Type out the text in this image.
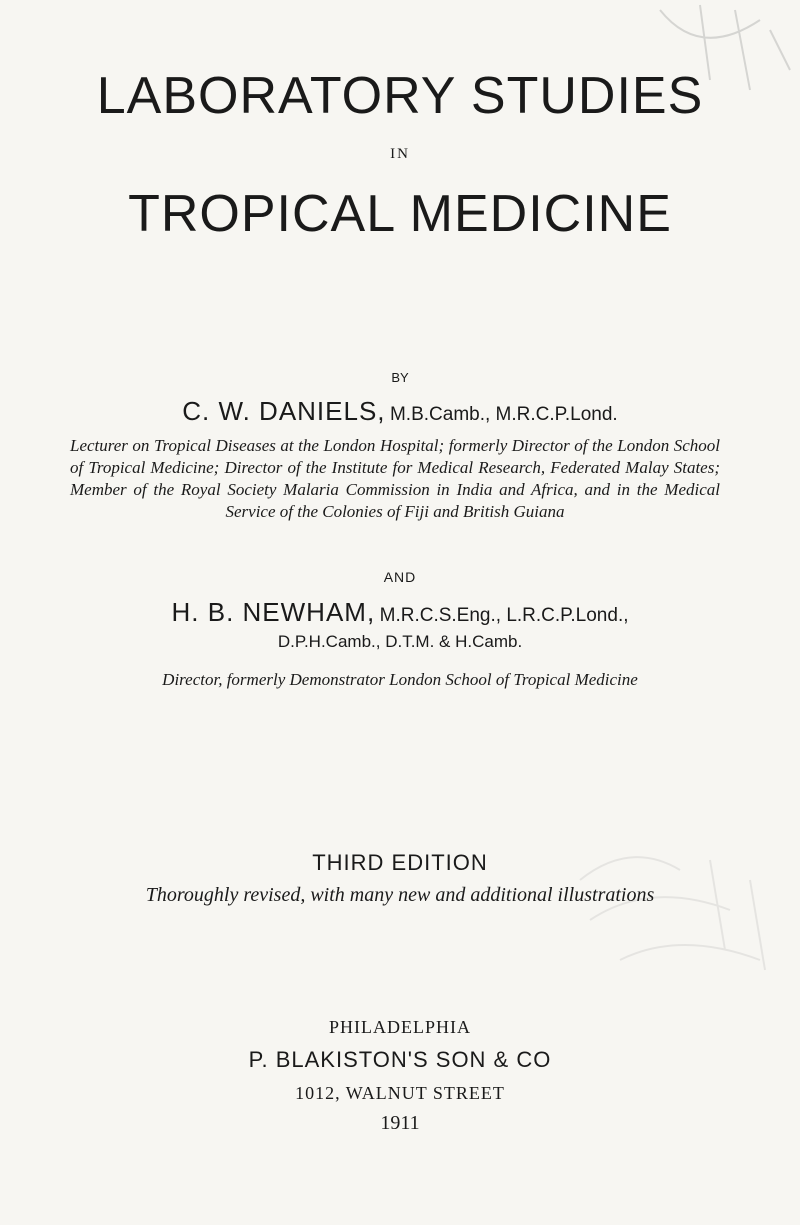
LABORATORY STUDIES
IN
TROPICAL MEDICINE
BY
C. W. DANIELS, M.B.Camb., M.R.C.P.Lond.
Lecturer on Tropical Diseases at the London Hospital; formerly Director of the London School of Tropical Medicine; Director of the Institute for Medical Research, Federated Malay States; Member of the Royal Society Malaria Commission in India and Africa, and in the Medical Service of the Colonies of Fiji and British Guiana
AND
H. B. NEWHAM, M.R.C.S.Eng., L.R.C.P.Lond.,
D.P.H.Camb., D.T.M. & H.Camb.
Director, formerly Demonstrator London School of Tropical Medicine
THIRD EDITION
Thoroughly revised, with many new and additional illustrations
PHILADELPHIA
P. BLAKISTON'S SON & CO
1012, WALNUT STREET
1911
